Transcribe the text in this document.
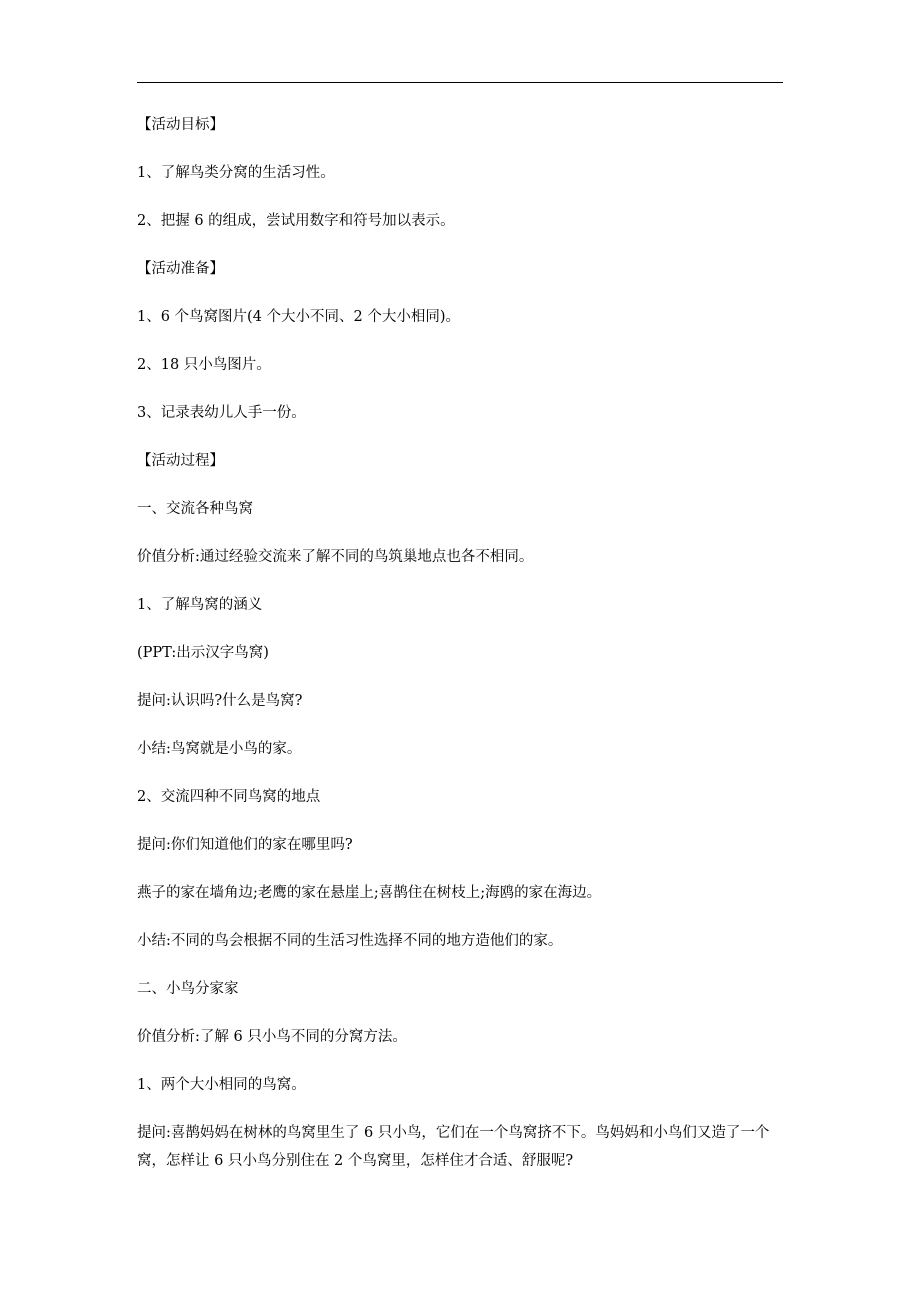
【活动目标】

1、了解鸟类分窝的生活习性。

2、把握 6 的组成，尝试用数字和符号加以表示。

【活动准备】

1、6 个鸟窝图片(4 个大小不同、2 个大小相同)。

2、18 只小鸟图片。

3、记录表幼儿人手一份。

【活动过程】

一、交流各种鸟窝

价值分析:通过经验交流来了解不同的鸟筑巢地点也各不相同。

1、了解鸟窝的涵义

(PPT:出示汉字鸟窝)

提问:认识吗?什么是鸟窝?

小结:鸟窝就是小鸟的家。

2、交流四种不同鸟窝的地点

提问:你们知道他们的家在哪里吗?

燕子的家在墙角边;老鹰的家在悬崖上;喜鹊住在树枝上;海鸥的家在海边。

小结:不同的鸟会根据不同的生活习性选择不同的地方造他们的家。

二、小鸟分家家

价值分析:了解 6 只小鸟不同的分窝方法。

1、两个大小相同的鸟窝。

提问:喜鹊妈妈在树林的鸟窝里生了 6 只小鸟，它们在一个鸟窝挤不下。鸟妈妈和小鸟们又造了一个窝，怎样让 6 只小鸟分别住在 2 个鸟窝里，怎样住才合适、舒服呢?
